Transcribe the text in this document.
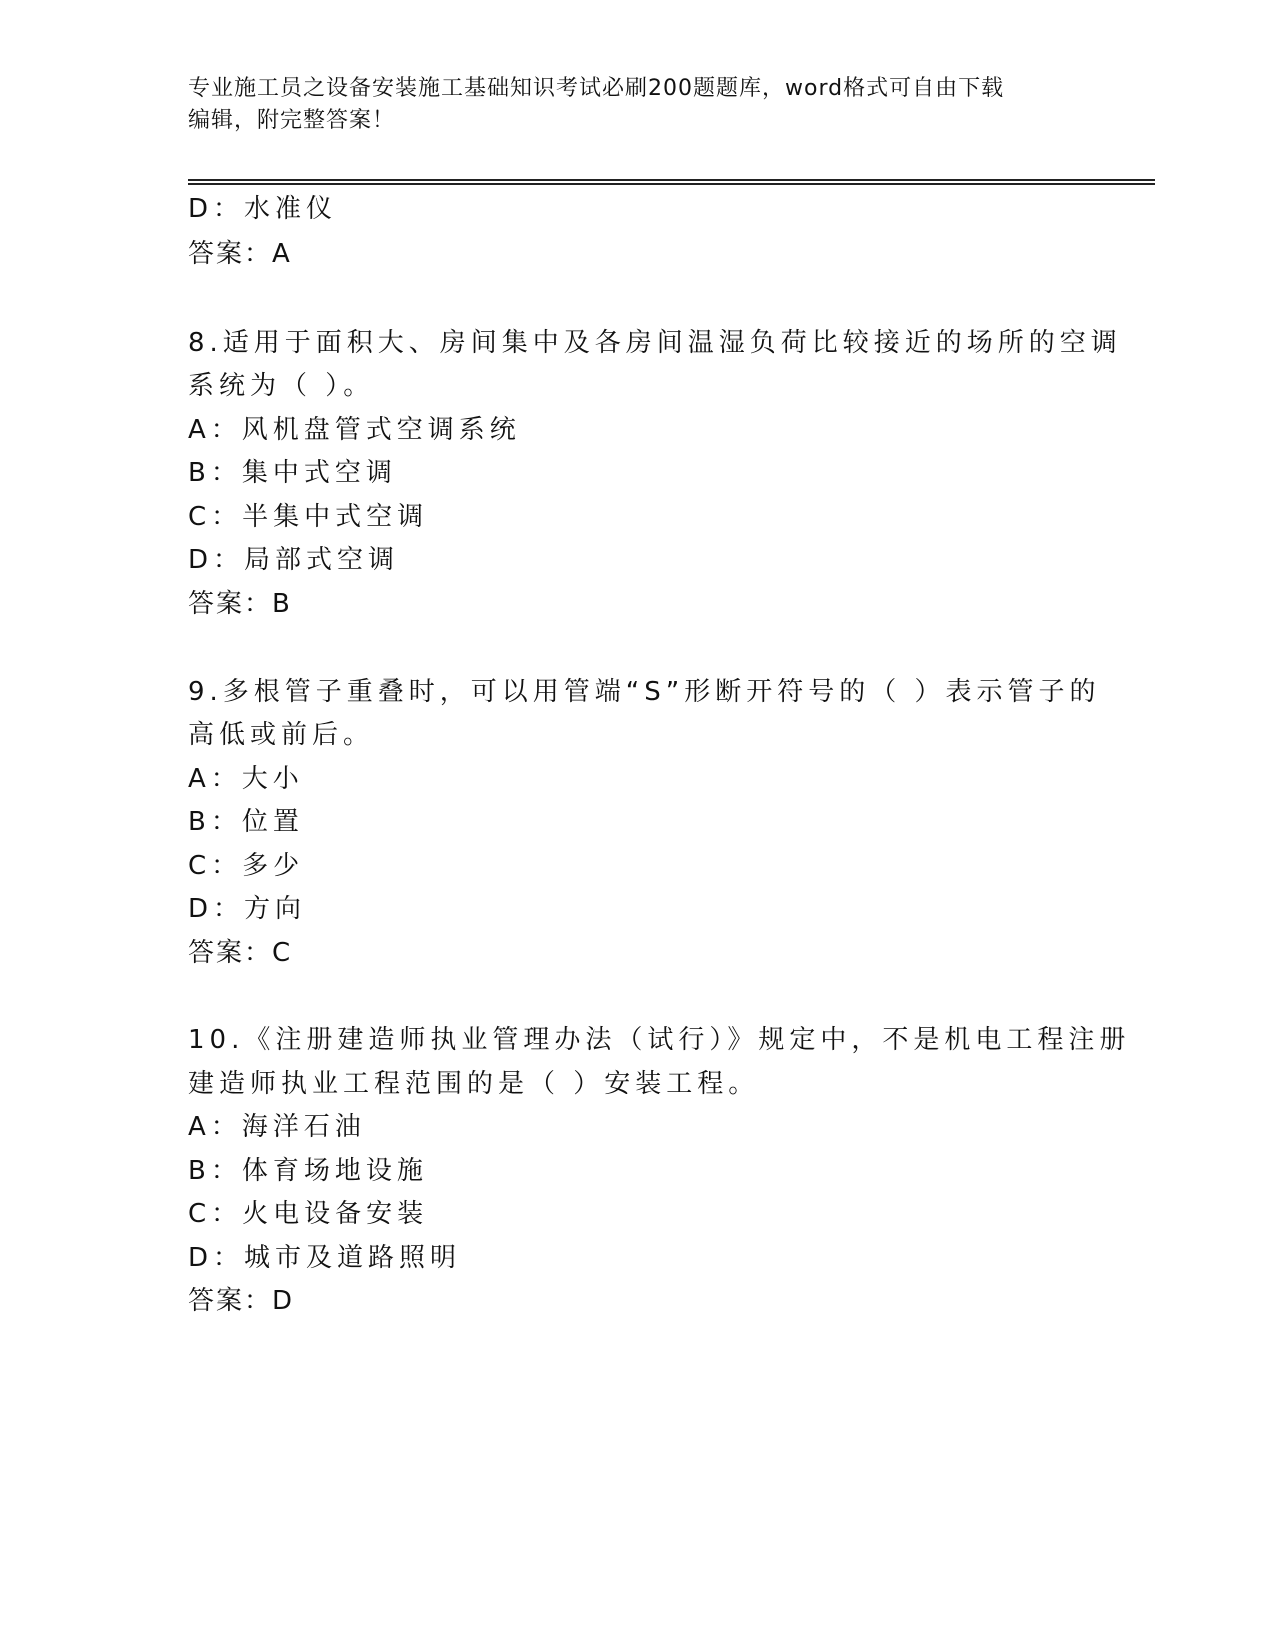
专业施工员之设备安装施工基础知识考试必刷200题题库，word格式可自由下载
编辑，附完整答案！
D：水准仪
答案：A
8.适用于面积大、房间集中及各房间温湿负荷比较接近的场所的空调
系统为（ ）。
A：风机盘管式空调系统
B：集中式空调
C：半集中式空调
D：局部式空调
答案：B
9.多根管子重叠时，可以用管端“S”形断开符号的（ ）表示管子的
高低或前后。
A：大小
B：位置
C：多少
D：方向
答案：C
10.《注册建造师执业管理办法（试行）》规定中，不是机电工程注册
建造师执业工程范围的是（ ）安装工程。
A：海洋石油
B：体育场地设施
C：火电设备安装
D：城市及道路照明
答案：D
